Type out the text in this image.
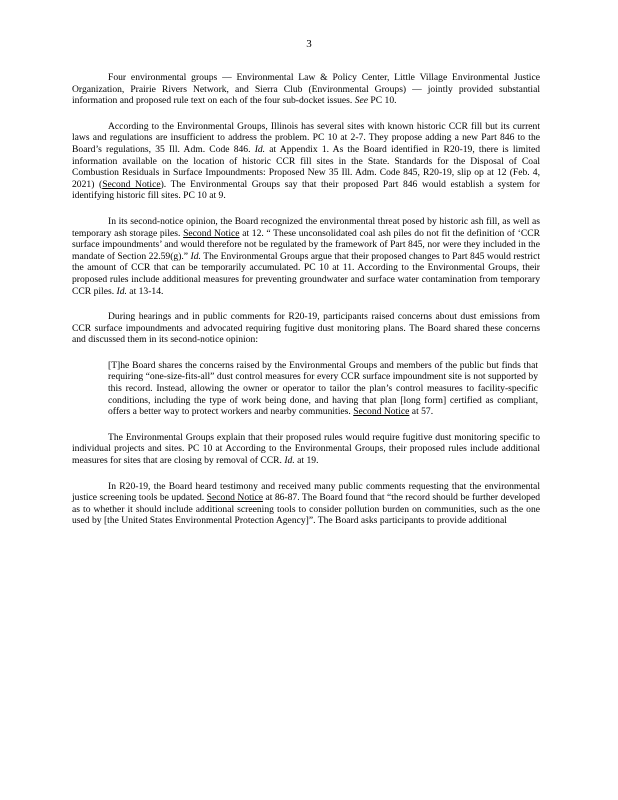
3

Four environmental groups — Environmental Law & Policy Center, Little Village Environmental Justice Organization, Prairie Rivers Network, and Sierra Club (Environmental Groups) — jointly provided substantial information and proposed rule text on each of the four sub-docket issues. See PC 10.

According to the Environmental Groups, Illinois has several sites with known historic CCR fill but its current laws and regulations are insufficient to address the problem. PC 10 at 2-7. They propose adding a new Part 846 to the Board’s regulations, 35 Ill. Adm. Code 846. Id. at Appendix 1. As the Board identified in R20-19, there is limited information available on the location of historic CCR fill sites in the State. Standards for the Disposal of Coal Combustion Residuals in Surface Impoundments: Proposed New 35 Ill. Adm. Code 845, R20-19, slip op at 12 (Feb. 4, 2021) (Second Notice). The Environmental Groups say that their proposed Part 846 would establish a system for identifying historic fill sites. PC 10 at 9.

In its second-notice opinion, the Board recognized the environmental threat posed by historic ash fill, as well as temporary ash storage piles. Second Notice at 12. “ These unconsolidated coal ash piles do not fit the definition of ‘CCR surface impoundments’ and would therefore not be regulated by the framework of Part 845, nor were they included in the mandate of Section 22.59(g).” Id. The Environmental Groups argue that their proposed changes to Part 845 would restrict the amount of CCR that can be temporarily accumulated. PC 10 at 11. According to the Environmental Groups, their proposed rules include additional measures for preventing groundwater and surface water contamination from temporary CCR piles. Id. at 13-14.

During hearings and in public comments for R20-19, participants raised concerns about dust emissions from CCR surface impoundments and advocated requiring fugitive dust monitoring plans. The Board shared these concerns and discussed them in its second-notice opinion:

[T]he Board shares the concerns raised by the Environmental Groups and members of the public but finds that requiring “one-size-fits-all” dust control measures for every CCR surface impoundment site is not supported by this record. Instead, allowing the owner or operator to tailor the plan’s control measures to facility-specific conditions, including the type of work being done, and having that plan [long form] certified as compliant, offers a better way to protect workers and nearby communities. Second Notice at 57.

The Environmental Groups explain that their proposed rules would require fugitive dust monitoring specific to individual projects and sites. PC 10 at According to the Environmental Groups, their proposed rules include additional measures for sites that are closing by removal of CCR. Id. at 19.

In R20-19, the Board heard testimony and received many public comments requesting that the environmental justice screening tools be updated. Second Notice at 86-87. The Board found that “the record should be further developed as to whether it should include additional screening tools to consider pollution burden on communities, such as the one used by [the United States Environmental Protection Agency]”. The Board asks participants to provide additional
